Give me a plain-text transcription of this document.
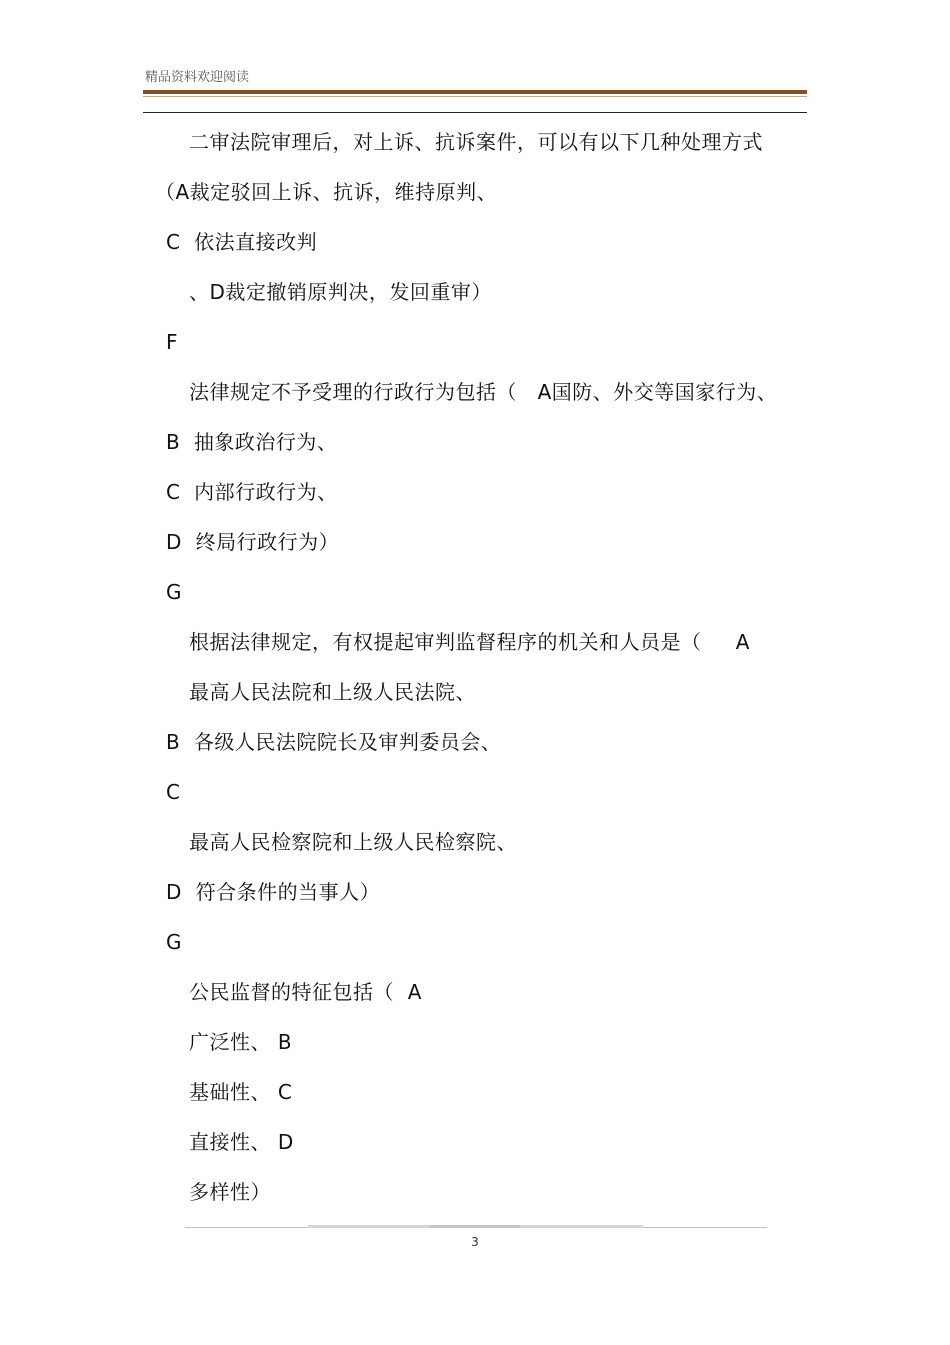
精品资料欢迎阅读
二审法院审理后，对上诉、抗诉案件，可以有以下几种处理方式
（A裁定驳回上诉、抗诉，维持原判、
C  依法直接改判
、D裁定撤销原判决，发回重审）
F
法律规定不予受理的行政行为包括（   A国防、外交等国家行为、
B  抽象政治行为、
C  内部行政行为、
D  终局行政行为）
G
根据法律规定，有权提起审判监督程序的机关和人员是（     A
最高人民法院和上级人民法院、
B  各级人民法院院长及审判委员会、
C
最高人民检察院和上级人民检察院、
D  符合条件的当事人）
G
公民监督的特征包括（  A
广泛性、 B
基础性、 C
直接性、 D
多样性）
3
